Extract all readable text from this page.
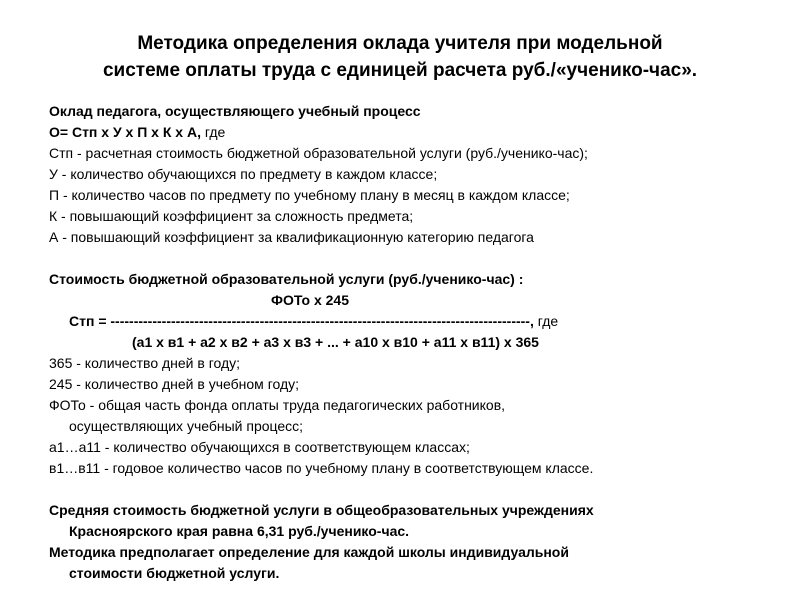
Методика определения оклада учителя при модельной
системе оплаты труда с единицей расчета руб./«ученико-час».
Оклад педагога, осуществляющего учебный процесс
О= Стп х У х П х К х А, где
Стп - расчетная стоимость бюджетной образовательной услуги (руб./ученико-час);
У - количество обучающихся по предмету в каждом классе;
П - количество часов по предмету по учебному плану в месяц в каждом классе;
К - повышающий коэффициент за сложность предмета;
А - повышающий коэффициент за квалификационную категорию педагога
Стоимость бюджетной образовательной услуги (руб./ученико-час) :
ФОТо х 245
Стп = ------------------------------------------------------------------------------------------, где
(а1 х в1 + а2 х в2 + а3 х в3 + ... + а10 х в10 + а11 х в11) х 365
365 - количество дней в году;
245 - количество дней в учебном году;
ФОТо - общая часть фонда оплаты труда педагогических работников,
осуществляющих учебный процесс;
а1…а11 - количество обучающихся в соответствующем классах;
в1…в11 - годовое количество часов по учебному плану в соответствующем классе.
Средняя стоимость бюджетной услуги в общеобразовательных учреждениях
Красноярского края равна 6,31 руб./ученико-час.
Методика предполагает определение для каждой школы индивидуальной
стоимости бюджетной услуги.
